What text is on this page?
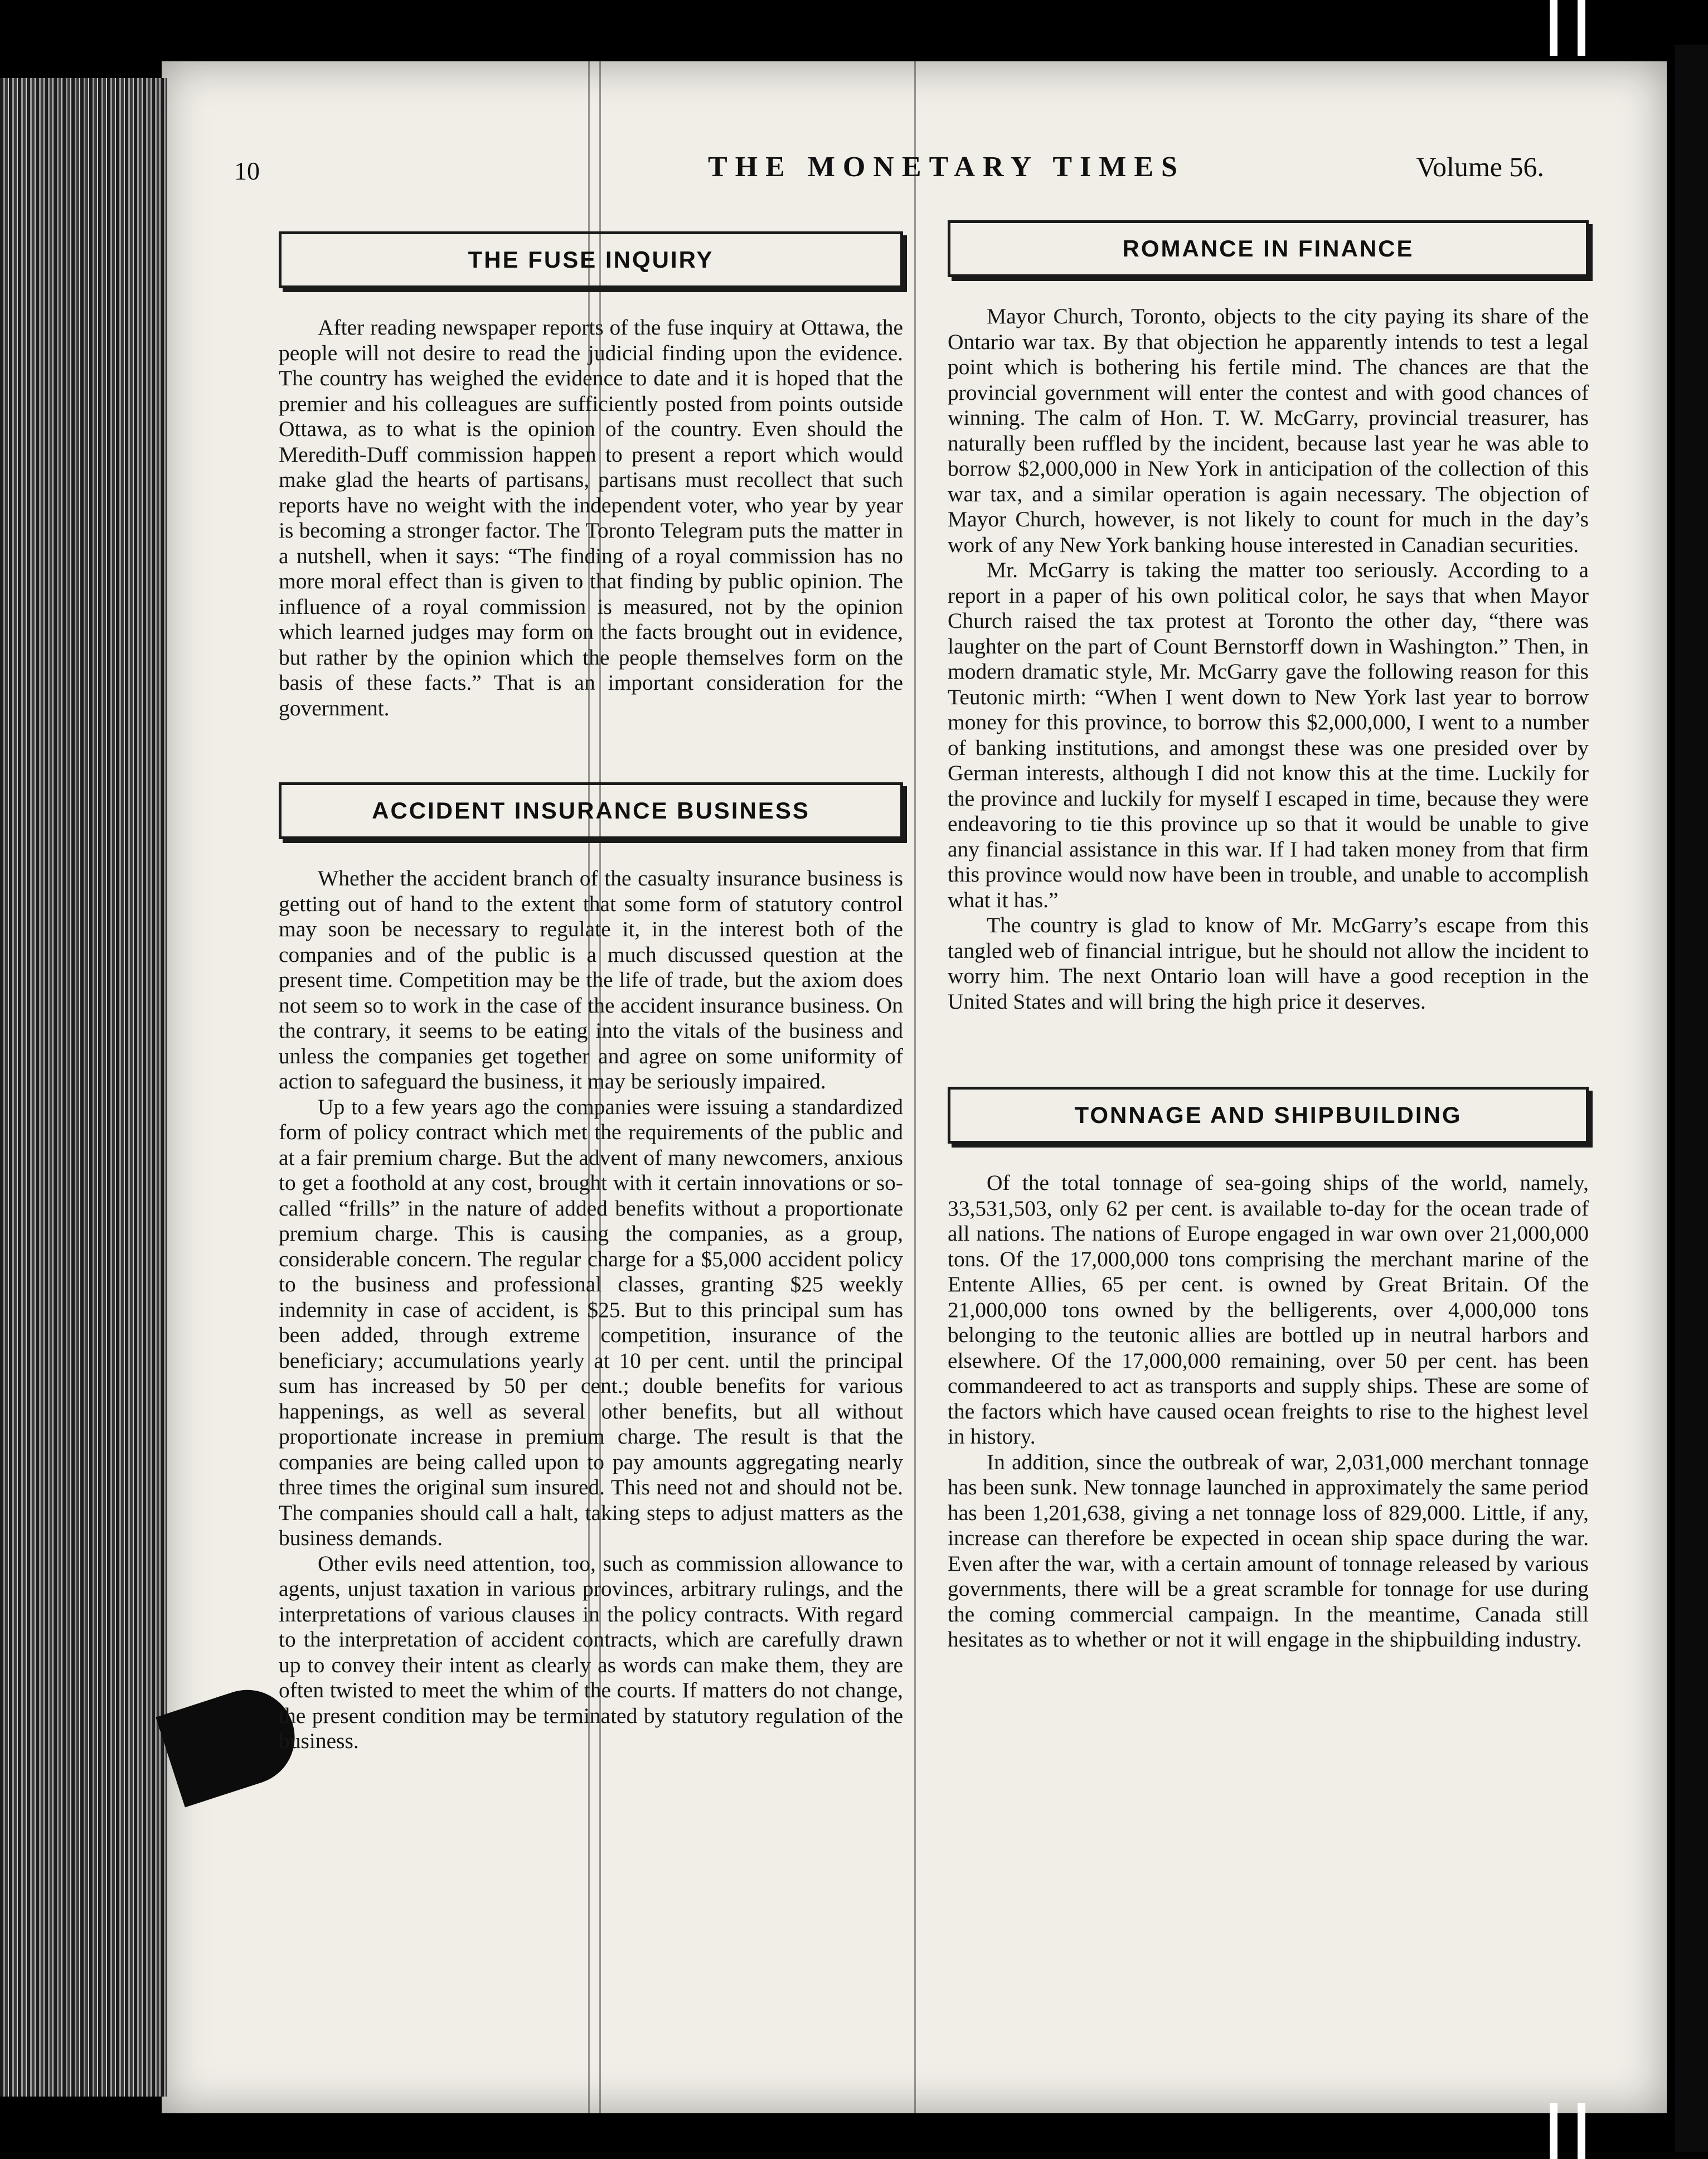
10	THE MONETARY TIMES	Volume 56.
THE FUSE INQUIRY

After reading newspaper reports of the fuse inquiry at Ottawa, the people will not desire to read the judicial finding upon the evidence. The country has weighed the evidence to date and it is hoped that the premier and his colleagues are sufficiently posted from points outside Ottawa, as to what is the opinion of the country. Even should the Meredith-Duff commission happen to present a report which would make glad the hearts of partisans, partisans must recollect that such reports have no weight with the independent voter, who year by year is becoming a stronger factor. The Toronto Telegram puts the matter in a nutshell, when it says: “The finding of a royal commission has no more moral effect than is given to that finding by public opinion. The influence of a royal commission is measured, not by the opinion which learned judges may form on the facts brought out in evidence, but rather by the opinion which the people themselves form on the basis of these facts.” That is an important consideration for the government.

ACCIDENT INSURANCE BUSINESS

Whether the accident branch of the casualty insurance business is getting out of hand to the extent that some form of statutory control may soon be necessary to regulate it, in the interest both of the companies and of the public is a much discussed question at the present time. Competition may be the life of trade, but the axiom does not seem so to work in the case of the accident insurance business. On the contrary, it seems to be eating into the vitals of the business and unless the companies get together and agree on some uniformity of action to safeguard the business, it may be seriously impaired.

Up to a few years ago the companies were issuing a standardized form of policy contract which met the requirements of the public and at a fair premium charge. But the advent of many newcomers, anxious to get a foothold at any cost, brought with it certain innovations or so-called “frills” in the nature of added benefits without a proportionate premium charge. This is causing the companies, as a group, considerable concern. The regular charge for a $5,000 accident policy to the business and professional classes, granting $25 weekly indemnity in case of accident, is $25. But to this principal sum has been added, through extreme competition, insurance of the beneficiary; accumulations yearly at 10 per cent. until the principal sum has increased by 50 per cent.; double benefits for various happenings, as well as several other benefits, but all without proportionate increase in premium charge. The result is that the companies are being called upon to pay amounts aggregating nearly three times the original sum insured. This need not and should not be. The companies should call a halt, taking steps to adjust matters as the business demands.

Other evils need attention, too, such as commission allowance to agents, unjust taxation in various provinces, arbitrary rulings, and the interpretations of various clauses in the policy contracts. With regard to the interpretation of accident contracts, which are carefully drawn up to convey their intent as clearly as words can make them, they are often twisted to meet the whim of the courts. If matters do not change, the present condition may be terminated by statutory regulation of the business.

ROMANCE IN FINANCE

Mayor Church, Toronto, objects to the city paying its share of the Ontario war tax. By that objection he apparently intends to test a legal point which is bothering his fertile mind. The chances are that the provincial government will enter the contest and with good chances of winning. The calm of Hon. T. W. McGarry, provincial treasurer, has naturally been ruffled by the incident, because last year he was able to borrow $2,000,000 in New York in anticipation of the collection of this war tax, and a similar operation is again necessary. The objection of Mayor Church, however, is not likely to count for much in the day’s work of any New York banking house interested in Canadian securities.

Mr. McGarry is taking the matter too seriously. According to a report in a paper of his own political color, he says that when Mayor Church raised the tax protest at Toronto the other day, “there was laughter on the part of Count Bernstorff down in Washington.” Then, in modern dramatic style, Mr. McGarry gave the following reason for this Teutonic mirth: “When I went down to New York last year to borrow money for this province, to borrow this $2,000,000, I went to a number of banking institutions, and amongst these was one presided over by German interests, although I did not know this at the time. Luckily for the province and luckily for myself I escaped in time, because they were endeavoring to tie this province up so that it would be unable to give any financial assistance in this war. If I had taken money from that firm this province would now have been in trouble, and unable to accomplish what it has.”

The country is glad to know of Mr. McGarry’s escape from this tangled web of financial intrigue, but he should not allow the incident to worry him. The next Ontario loan will have a good reception in the United States and will bring the high price it deserves.

TONNAGE AND SHIPBUILDING

Of the total tonnage of sea-going ships of the world, namely, 33,531,503, only 62 per cent. is available to-day for the ocean trade of all nations. The nations of Europe engaged in war own over 21,000,000 tons. Of the 17,000,000 tons comprising the merchant marine of the Entente Allies, 65 per cent. is owned by Great Britain. Of the 21,000,000 tons owned by the belligerents, over 4,000,000 tons belonging to the teutonic allies are bottled up in neutral harbors and elsewhere. Of the 17,000,000 remaining, over 50 per cent. has been commandeered to act as transports and supply ships. These are some of the factors which have caused ocean freights to rise to the highest level in history.

In addition, since the outbreak of war, 2,031,000 merchant tonnage has been sunk. New tonnage launched in approximately the same period has been 1,201,638, giving a net tonnage loss of 829,000. Little, if any, increase can therefore be expected in ocean ship space during the war. Even after the war, with a certain amount of tonnage released by various governments, there will be a great scramble for tonnage for use during the coming commercial campaign. In the meantime, Canada still hesitates as to whether or not it will engage in the shipbuilding industry.
